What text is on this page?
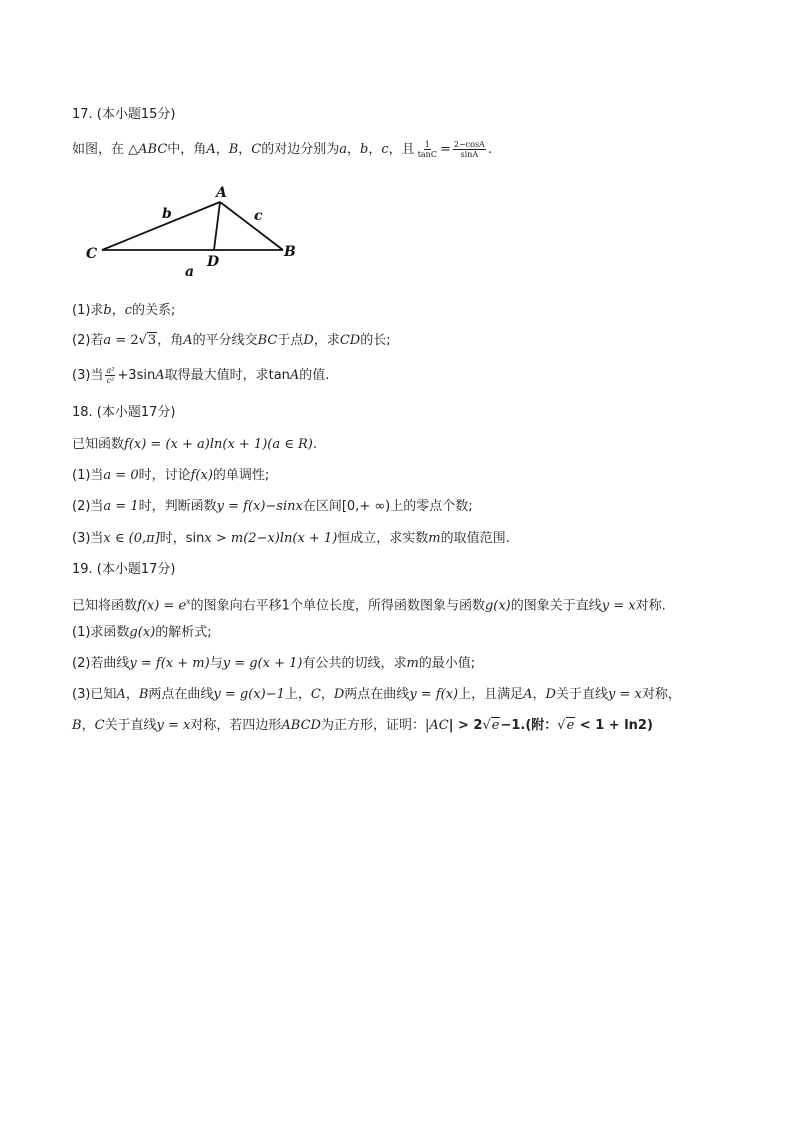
17. (本小题15分)
如图，在 △ABC中，角A，B，C的对边分别为a，b，c，且 $\frac{1}{\tan C} = \frac{2-\cos A}{\sin A}$ .
A
B
C	D
a
b	c
(1)求b，c的关系;
(2)若a = 2√3，角A的平分线交BC于点D，求CD的长;
(3)当 $\frac{\text{a²}}{\text{c²}} +3\sin A$取得最大值时，求tanA的值.
18. (本小题17分)
已知函数f(x) = (x + a)ln(x + 1)(a ∈ R).
(1)当a = 0时，讨论f(x)的单调性;
(2)当a = 1时，判断函数y = f(x)−sinx在区间[0,+ ∞)上的零点个数;
(3)当x ∈ (0,π]时，sinx > m(2−x)ln(x + 1)恒成立，求实数m的取值范围.
19. (本小题17分)
已知将函数$f(x) = e^x$的图象向右平移1个单位长度，所得函数图象与函数g(x)的图象关于直线y = x对称.
(1)求函数g(x)的解析式;
(2)若曲线y = f(x + m)与y = g(x + 1)有公共的切线，求m的最小值;
(3)已知A，B两点在曲线y = g(x)−1上，C，D两点在曲线y = f(x)上，且满足A，D关于直线y = x对称，
B，C关于直线y = x对称，若四边形ABCD为正方形，证明：|AC| > 2√e−1.(附：√e < 1 + ln2)
